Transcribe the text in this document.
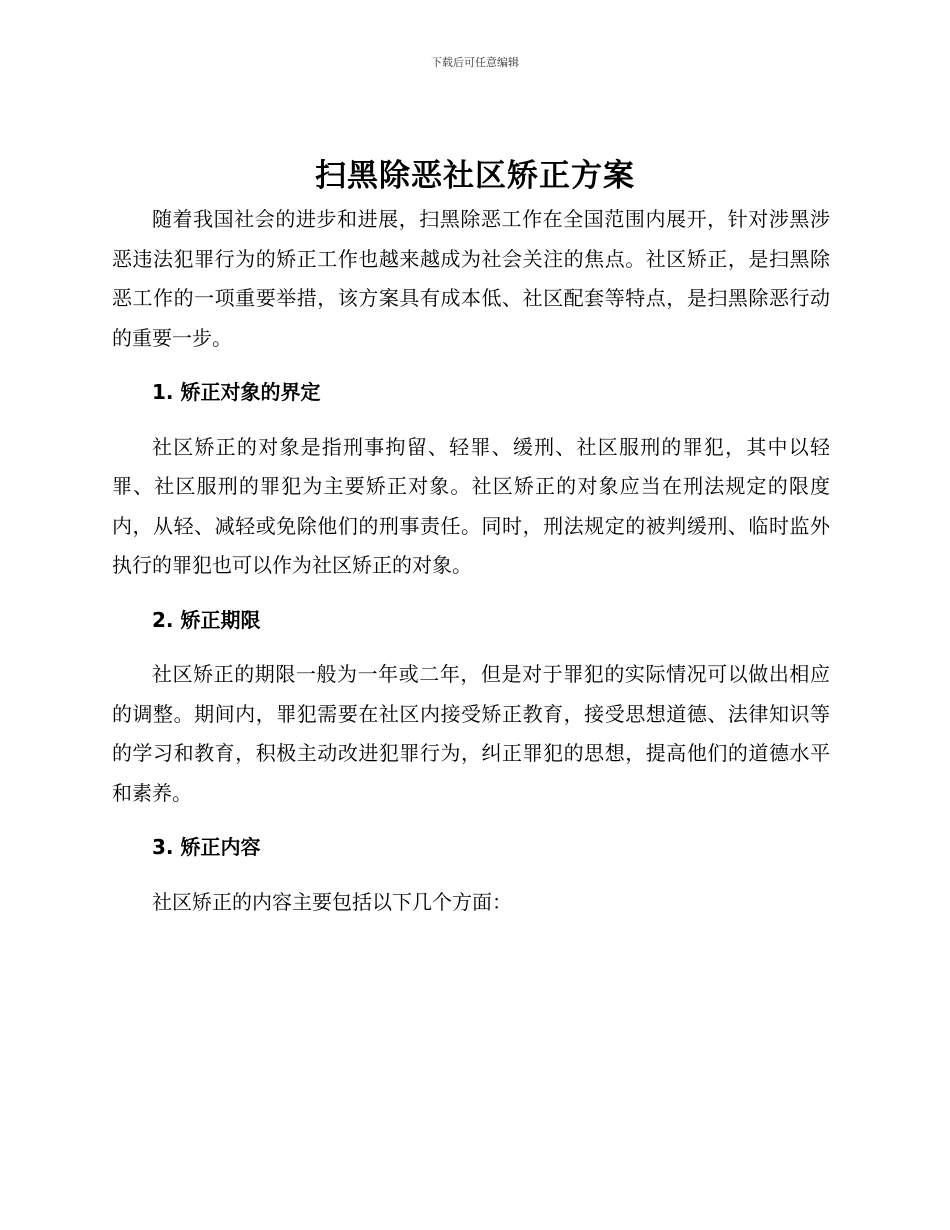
下载后可任意编辑
扫黑除恶社区矫正方案

随着我国社会的进步和进展，扫黑除恶工作在全国范围内展开，针对涉黑涉恶违法犯罪行为的矫正工作也越来越成为社会关注的焦点。社区矫正，是扫黑除恶工作的一项重要举措，该方案具有成本低、社区配套等特点，是扫黑除恶行动的重要一步。

1. 矫正对象的界定

社区矫正的对象是指刑事拘留、轻罪、缓刑、社区服刑的罪犯，其中以轻罪、社区服刑的罪犯为主要矫正对象。社区矫正的对象应当在刑法规定的限度内，从轻、减轻或免除他们的刑事责任。同时，刑法规定的被判缓刑、临时监外执行的罪犯也可以作为社区矫正的对象。

2. 矫正期限

社区矫正的期限一般为一年或二年，但是对于罪犯的实际情况可以做出相应的调整。期间内，罪犯需要在社区内接受矫正教育，接受思想道德、法律知识等的学习和教育，积极主动改进犯罪行为，纠正罪犯的思想，提高他们的道德水平和素养。

3. 矫正内容

社区矫正的内容主要包括以下几个方面：
